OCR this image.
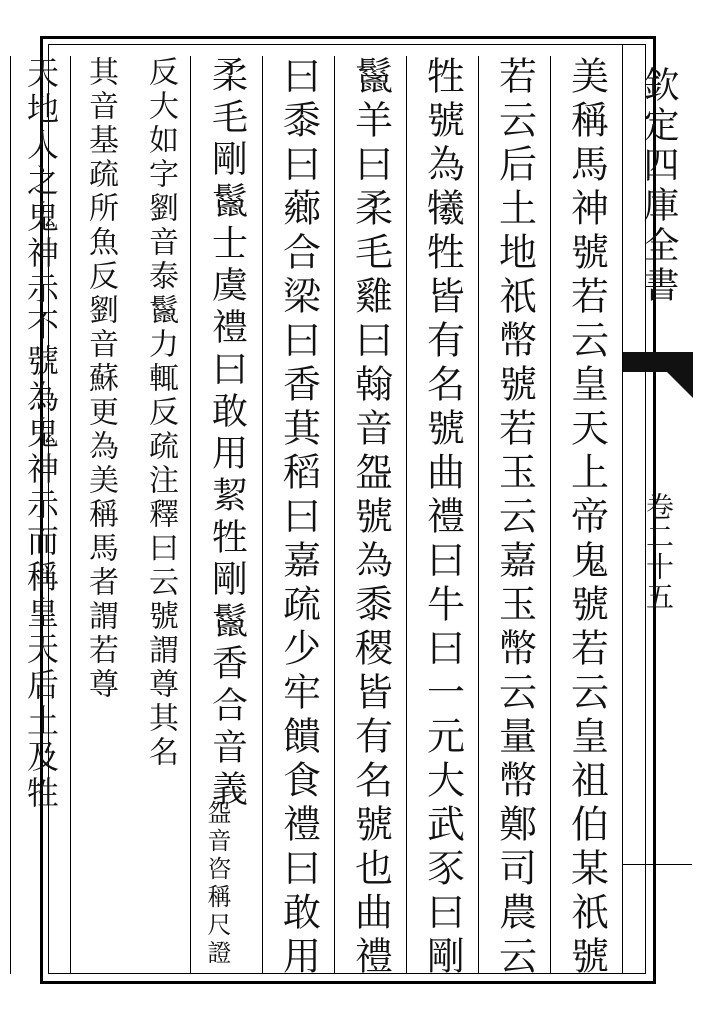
欽定四庫全書
卷二十五
美稱馬神號若云皇天上帝鬼號若云皇祖伯某祇號
若云后土地祇幣號若玉云嘉玉幣云量幣鄭司農云
牲號為犧牲皆有名號曲禮曰牛曰一元大武豕曰剛
鬣羊曰柔毛雞曰翰音盌號為黍稷皆有名號也曲禮
曰黍曰薌合梁曰香萁稻曰嘉疏少牢饋食禮曰敢用
柔毛剛鬣士虞禮曰敢用絜牲剛鬣香合音義
盌音咨稱尺證
反大如字劉音泰鬣力輒反
疏注釋曰云號謂尊其名
其音基疏所魚反劉音蘇
更為美稱馬者謂若尊
天地人之鬼神示不號為鬼神示而稱皇天后土及牲
